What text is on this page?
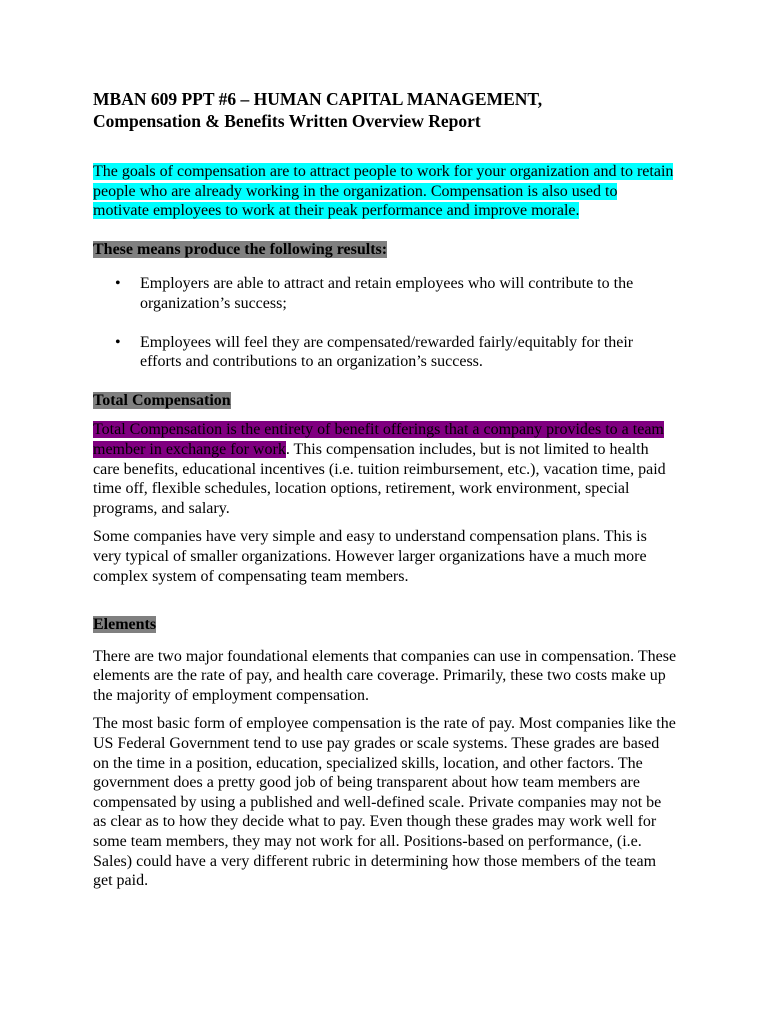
MBAN 609 PPT #6 – HUMAN CAPITAL MANAGEMENT,
Compensation & Benefits Written Overview Report

The goals of compensation are to attract people to work for your organization and to retain people who are already working in the organization. Compensation is also used to motivate employees to work at their peak performance and improve morale.

These means produce the following results:

• Employers are able to attract and retain employees who will contribute to the organization’s success;
• Employees will feel they are compensated/rewarded fairly/equitably for their efforts and contributions to an organization’s success.

Total Compensation

Total Compensation is the entirety of benefit offerings that a company provides to a team member in exchange for work. This compensation includes, but is not limited to health care benefits, educational incentives (i.e. tuition reimbursement, etc.), vacation time, paid time off, flexible schedules, location options, retirement, work environment, special programs, and salary.

Some companies have very simple and easy to understand compensation plans. This is very typical of smaller organizations. However larger organizations have a much more complex system of compensating team members.

Elements

There are two major foundational elements that companies can use in compensation. These elements are the rate of pay, and health care coverage. Primarily, these two costs make up the majority of employment compensation.

The most basic form of employee compensation is the rate of pay. Most companies like the US Federal Government tend to use pay grades or scale systems. These grades are based on the time in a position, education, specialized skills, location, and other factors. The government does a pretty good job of being transparent about how team members are compensated by using a published and well-defined scale. Private companies may not be as clear as to how they decide what to pay. Even though these grades may work well for some team members, they may not work for all. Positions-based on performance, (i.e. Sales) could have a very different rubric in determining how those members of the team get paid.
